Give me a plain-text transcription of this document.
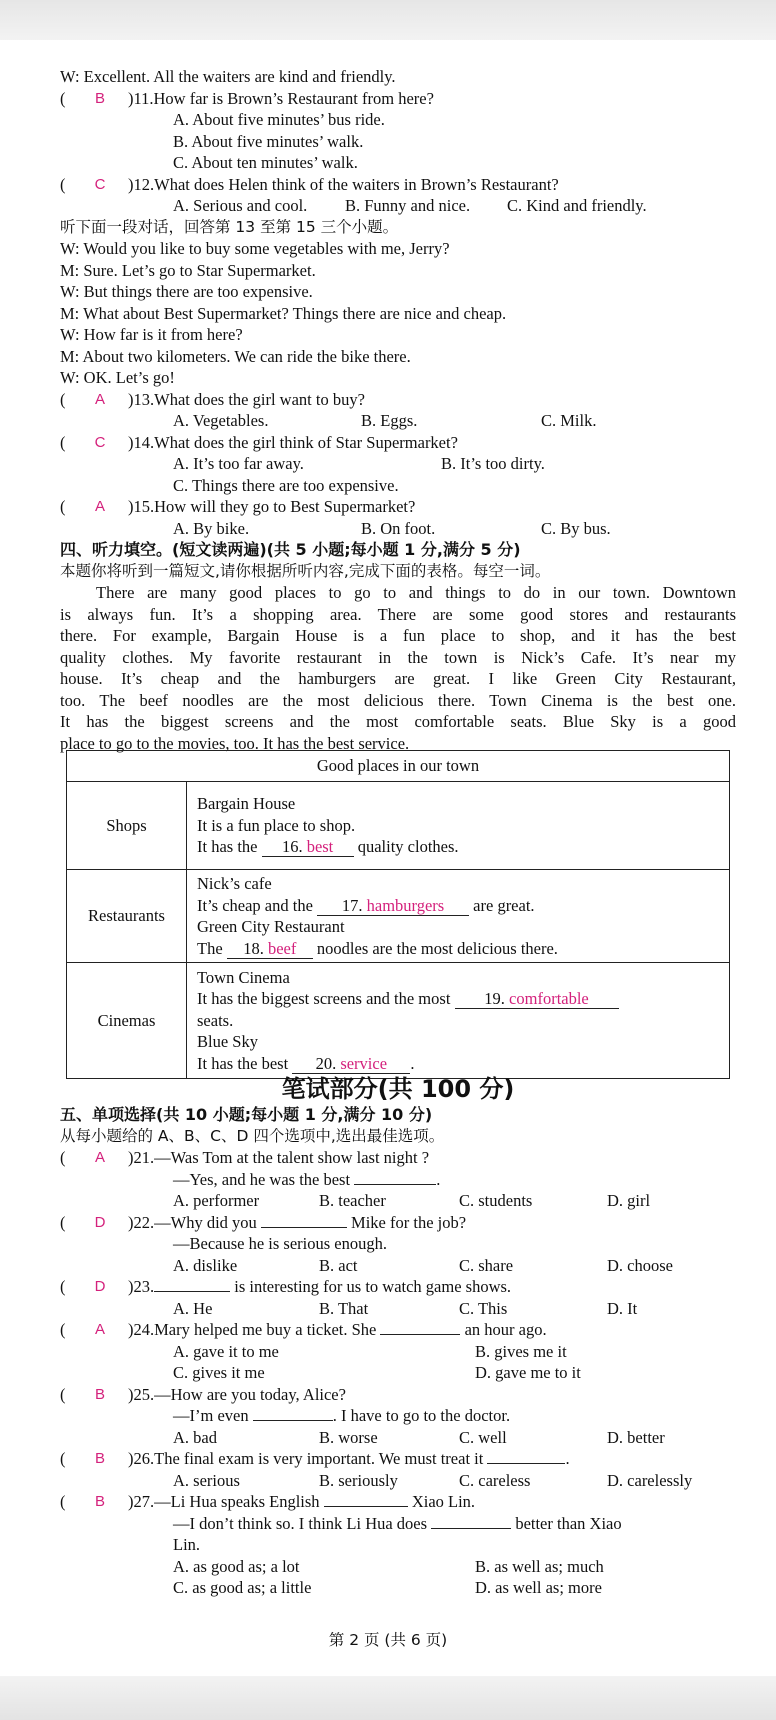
W: Excellent. All the waiters are kind and friendly.
(	B	) 11. How far is Brown’s Restaurant from here?
A. About five minutes’ bus ride.
B. About five minutes’ walk.
C. About ten minutes’ walk.
(	C	) 12. What does Helen think of the waiters in Brown’s Restaurant?
A. Serious and cool.	B. Funny and nice.	C. Kind and friendly.
听下面一段对话，回答第 13 至第 15 三个小题。
W: Would you like to buy some vegetables with me, Jerry?
M: Sure. Let’s go to Star Supermarket.
W: But things there are too expensive.
M: What about Best Supermarket? Things there are nice and cheap.
W: How far is it from here?
M: About two kilometers. We can ride the bike there.
W: OK. Let’s go!
(	A	) 13. What does the girl want to buy?
A. Vegetables.	B. Eggs.	C. Milk.
(	C	) 14. What does the girl think of Star Supermarket?
A. It’s too far away.	B. It’s too dirty.
C. Things there are too expensive.
(	A	) 15. How will they go to Best Supermarket?
A. By bike.	B. On foot.	C. By bus.
四、听力填空。(短文读两遍)(共 5 小题;每小题 1 分,满分 5 分)
本题你将听到一篇短文,请你根据所听内容,完成下面的表格。每空一词。
There are many good places to go to and things to do in our town. Downtown
is always fun. It’s a shopping area. There are some good stores and restaurants
there. For example, Bargain House is a fun place to shop, and it has the best
quality clothes. My favorite restaurant in the town is Nick’s Cafe. It’s near my
house. It’s cheap and the hamburgers are great. I like Green City Restaurant,
too. The beef noodles are the most delicious there. Town Cinema is the best one.
It has the biggest screens and the most comfortable seats. Blue Sky is a good
place to go to the movies, too. It has the best service.
Good places in our town	
Shops	Bargain House
It is a fun place to shop.
It has the 16. best quality clothes.

Restaurants	Nick’s cafe
It’s cheap and the 17. hamburgers are great.
Green City Restaurant
The 18. beef noodles are the most delicious there.

Cinemas	Town Cinema
It has the biggest screens and the most 19. comfortable
seats.
Blue Sky
It has the best 20. service .
笔试部分(共 100 分)
五、单项选择(共 10 小题;每小题 1 分,满分 10 分)
从每小题给的 A、B、C、D 四个选项中,选出最佳选项。
(	A	) 21. —Was Tom at the talent show last night ?
—Yes, and he was the best	.
A. performer	B. teacher	C. students	D. girl
(	D	) 22. —Why did you	Mike for the job?
—Because he is serious enough.
A. dislike	B. act	C. share	D. choose
(	D	) 23.	is interesting for us to watch game shows.
A. He	B. That	C. This	D. It
(	A	) 24. Mary helped me buy a ticket. She	an hour ago.
A. gave it to me	B. gives me it
C. gives it me	D. gave me to it
(	B	) 25. —How are you today, Alice?
—I’m even	. I have to go to the doctor.
A. bad	B. worse	C. well	D. better
(	B	) 26. The final exam is very important. We must treat it	.
A. serious	B. seriously	C. careless	D. carelessly
(	B	) 27. —Li Hua speaks English	Xiao Lin.
—I don’t think so. I think Li Hua does	better than Xiao
Lin.
A. as good as; a lot	B. as well as; much
C. as good as; a little	D. as well as; more
第 2 页 (共 6 页)
